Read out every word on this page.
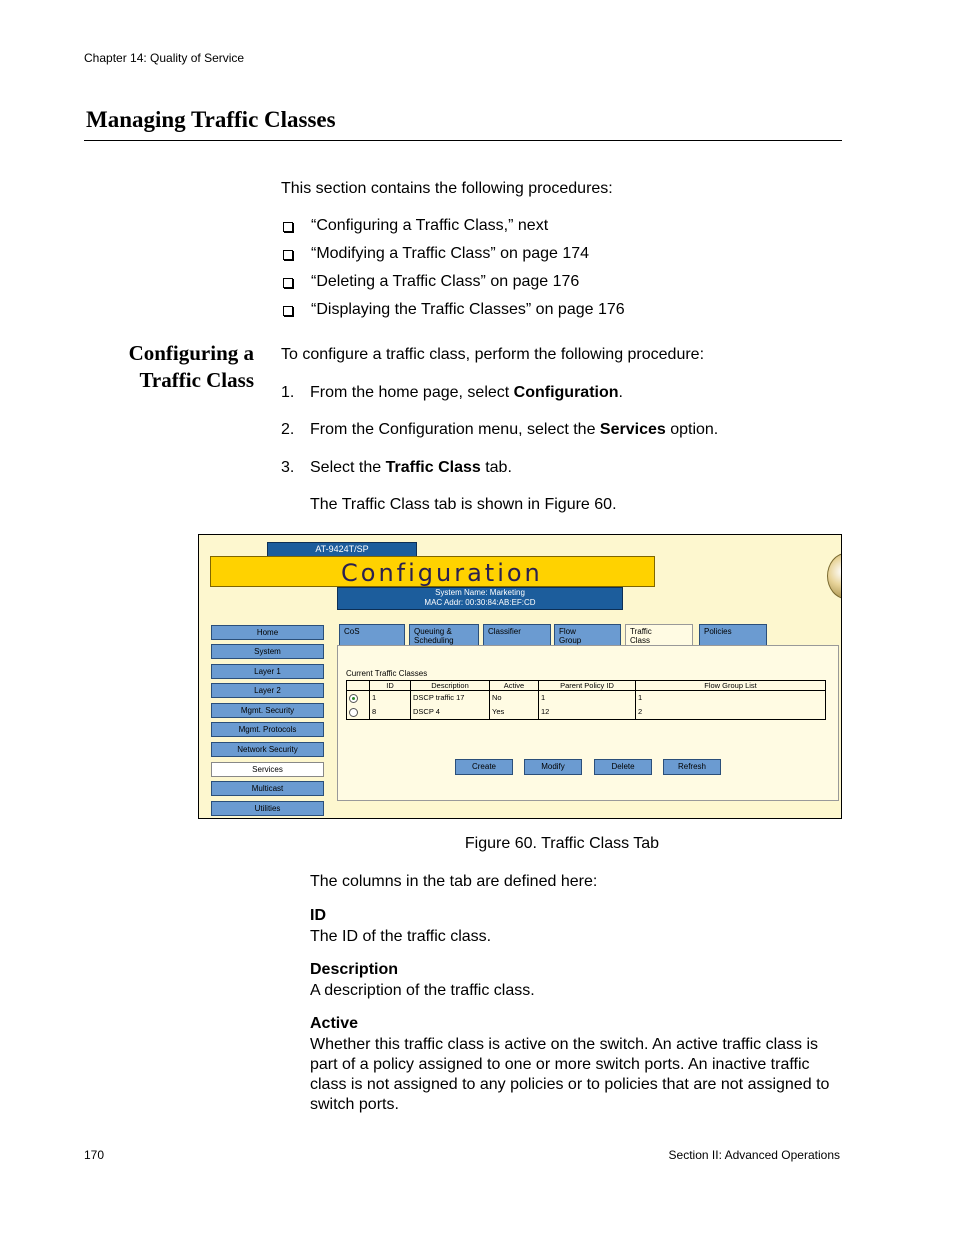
Chapter 14: Quality of Service
Managing Traffic Classes
This section contains the following procedures:
“Configuring a Traffic Class,” next
“Modifying a Traffic Class” on page 174
“Deleting a Traffic Class” on page 176
“Displaying the Traffic Classes” on page 176
Configuring a
Traffic Class
To configure a traffic class, perform the following procedure:
1. From the home page, select Configuration.
2. From the Configuration menu, select the Services option.
3. Select the Traffic Class tab.
The Traffic Class tab is shown in Figure 60.
AT-9424T/SP
Configuration
System Name: Marketing
MAC Addr: 00:30:84:AB:EF:CD
Home
System
Layer 1
Layer 2
Mgmt. Security
Mgmt. Protocols
Network Security
Services
Multicast
Utilities
CoS	Queuing &
Scheduling
Classifier	Flow
Group
Traffic
Class
Policies
Current Traffic Classes
	ID	Description	Active	Parent Policy ID	Flow Group List
	1	DSCP traffic 17	No	1	1
	8	DSCP 4	Yes	12	2
Create	Modify	Delete	Refresh
Figure 60. Traffic Class Tab
The columns in the tab are defined here:
ID
The ID of the traffic class.
Description
A description of the traffic class.
Active
Whether this traffic class is active on the switch. An active traffic class is part of a policy assigned to one or more switch ports. An inactive traffic class is not assigned to any policies or to policies that are not assigned to switch ports.
170	Section II: Advanced Operations
